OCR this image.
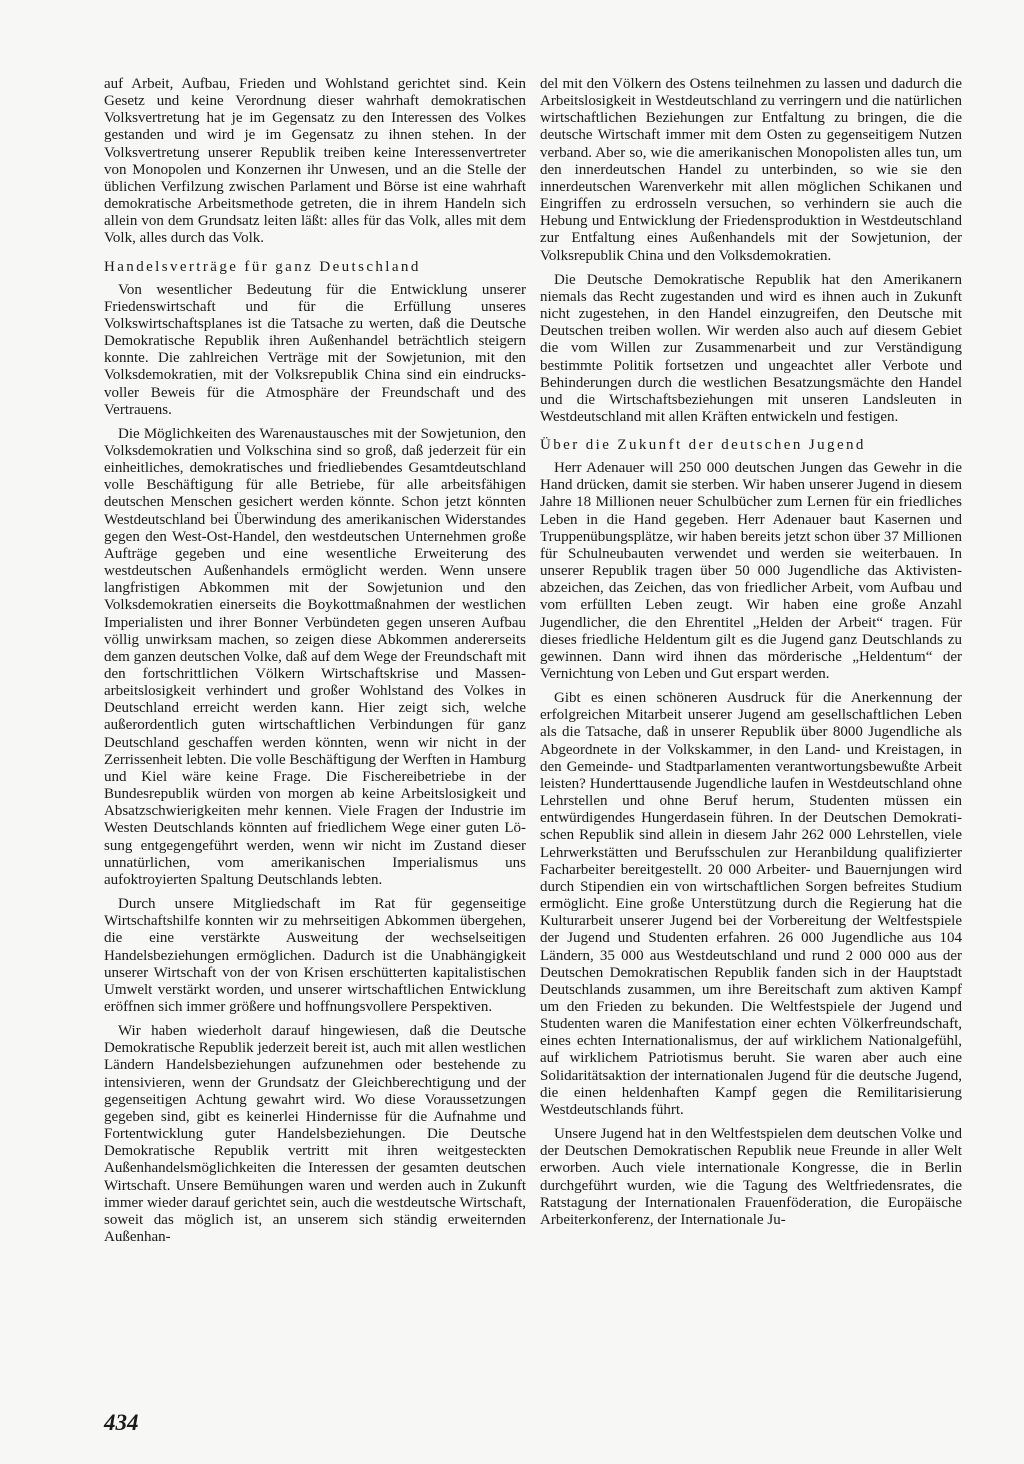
auf Arbeit, Aufbau, Frieden und Wohlstand gerichtet sind. Kein Gesetz und keine Verordnung dieser wahrhaft demokratischen Volksvertretung hat je im Gegensatz zu den Interessen des Volkes gestanden und wird je im Gegensatz zu ihnen stehen. In der Volksvertretung unserer Republik treiben keine Interessenvertreter von Monopolen und Konzernen ihr Unwesen, und an die Stelle der üblichen Verfilzung zwischen Parlament und Börse ist eine wahrhaft demokratische Arbeitsmethode getreten, die in ihrem Handeln sich allein von dem Grundsatz leiten läßt: alles für das Volk, alles mit dem Volk, alles durch das Volk.

Handelsverträge für ganz Deutschland

Von wesentlicher Bedeutung für die Entwicklung unserer Friedenswirtschaft und für die Erfüllung unseres Volkswirtschaftsplanes ist die Tatsache zu werten, daß die Deutsche Demokratische Republik ihren Außenhandel beträchtlich steigern konnte. Die zahlreichen Verträge mit der Sowjetunion, mit den Volksdemokratien, mit der Volksrepublik China sind ein eindrucksvoller Beweis für die Atmosphäre der Freundschaft und des Vertrauens.

Die Möglichkeiten des Warenaustausches mit der Sowjetunion, den Volksdemokratien und Volkschina sind so groß, daß jederzeit für ein einheitliches, demokratisches und friedliebendes Gesamtdeutschland volle Beschäftigung für alle Betriebe, für alle arbeitsfähigen deutschen Menschen gesichert werden könnte. Schon jetzt könnten Westdeutschland bei Überwindung des amerikanischen Widerstandes gegen den West-Ost-Handel, den westdeutschen Unternehmen große Aufträge gegeben und eine wesentliche Erweiterung des westdeutschen Außenhandels ermöglicht werden. Wenn unsere langfristigen Abkommen mit der Sowjetunion und den Volksdemokratien einerseits die Boykottmaßnahmen der westlichen Imperialisten und ihrer Bonner Verbündeten gegen unseren Aufbau völlig unwirksam machen, so zeigen diese Abkommen andererseits dem ganzen deutschen Volke, daß auf dem Wege der Freundschaft mit den fortschrittlichen Völkern Wirtschaftskrise und Massenarbeitslosigkeit verhindert und großer Wohlstand des Volkes in Deutschland erreicht werden kann. Hier zeigt sich, welche außerordentlich guten wirtschaftlichen Verbindungen für ganz Deutschland geschaffen werden könnten, wenn wir nicht in der Zerrissenheit lebten. Die volle Beschäftigung der Werften in Hamburg und Kiel wäre keine Frage. Die Fischereibetriebe in der Bundesrepublik würden von morgen ab keine Arbeitslosigkeit und Absatzschwierigkeiten mehr kennen. Viele Fragen der Industrie im Westen Deutschlands könnten auf friedlichem Wege einer guten Lösung entgegengeführt werden, wenn wir nicht im Zustand dieser unnatürlichen, vom amerikanischen Imperialismus uns aufoktroyierten Spaltung Deutschlands lebten.

Durch unsere Mitgliedschaft im Rat für gegenseitige Wirtschaftshilfe konnten wir zu mehrseitigen Abkommen übergehen, die eine verstärkte Ausweitung der wechselseitigen Handelsbeziehungen ermöglichen. Dadurch ist die Unabhängigkeit unserer Wirtschaft von der von Krisen erschütterten kapitalistischen Umwelt verstärkt worden, und unserer wirtschaftlichen Entwicklung eröffnen sich immer größere und hoffnungsvollere Perspektiven.

Wir haben wiederholt darauf hingewiesen, daß die Deutsche Demokratische Republik jederzeit bereit ist, auch mit allen westlichen Ländern Handelsbeziehungen aufzunehmen oder bestehende zu intensivieren, wenn der Grundsatz der Gleichberechtigung und der gegenseitigen Achtung gewahrt wird. Wo diese Voraussetzungen gegeben sind, gibt es keinerlei Hindernisse für die Aufnahme und Fortentwicklung guter Handelsbeziehungen. Die Deutsche Demokratische Republik vertritt mit ihren weitgesteckten Außenhandelsmöglichkeiten die Interessen der gesamten deutschen Wirtschaft. Unsere Bemühungen waren und werden auch in Zukunft immer wieder darauf gerichtet sein, auch die westdeutsche Wirtschaft, soweit das möglich ist, an unserem sich ständig erweiternden Außenhan-

del mit den Völkern des Ostens teilnehmen zu lassen und dadurch die Arbeitslosigkeit in Westdeutschland zu verringern und die natürlichen wirtschaftlichen Beziehungen zur Entfaltung zu bringen, die die deutsche Wirtschaft immer mit dem Osten zu gegenseitigem Nutzen verband. Aber so, wie die amerikanischen Monopolisten alles tun, um den innerdeutschen Handel zu unterbinden, so wie sie den innerdeutschen Warenverkehr mit allen möglichen Schikanen und Eingriffen zu erdrosseln versuchen, so verhindern sie auch die Hebung und Entwicklung der Friedensproduktion in Westdeutschland zur Entfaltung eines Außenhandels mit der Sowjetunion, der Volksrepublik China und den Volksdemokratien.

Die Deutsche Demokratische Republik hat den Amerikanern niemals das Recht zugestanden und wird es ihnen auch in Zukunft nicht zugestehen, in den Handel einzugreifen, den Deutsche mit Deutschen treiben wollen. Wir werden also auch auf diesem Gebiet die vom Willen zur Zusammenarbeit und zur Verständigung bestimmte Politik fortsetzen und ungeachtet aller Verbote und Behinderungen durch die westlichen Besatzungsmächte den Handel und die Wirtschaftsbeziehungen mit unseren Landsleuten in Westdeutschland mit allen Kräften entwickeln und festigen.

Über die Zukunft der deutschen Jugend

Herr Adenauer will 250 000 deutschen Jungen das Gewehr in die Hand drücken, damit sie sterben. Wir haben unserer Jugend in diesem Jahre 18 Millionen neuer Schulbücher zum Lernen für ein friedliches Leben in die Hand gegeben. Herr Adenauer baut Kasernen und Truppenübungsplätze, wir haben bereits jetzt schon über 37 Millionen für Schulneubauten verwendet und werden sie weiterbauen. In unserer Republik tragen über 50 000 Jugendliche das Aktivistenabzeichen, das Zeichen, das von friedlicher Arbeit, vom Aufbau und vom erfüllten Leben zeugt. Wir haben eine große Anzahl Jugendlicher, die den Ehrentitel „Helden der Arbeit“ tragen. Für dieses friedliche Heldentum gilt es die Jugend ganz Deutschlands zu gewinnen. Dann wird ihnen das mörderische „Heldentum“ der Vernichtung von Leben und Gut erspart werden.

Gibt es einen schöneren Ausdruck für die Anerkennung der erfolgreichen Mitarbeit unserer Jugend am gesellschaftlichen Leben als die Tatsache, daß in unserer Republik über 8000 Jugendliche als Abgeordnete in der Volkskammer, in den Land- und Kreistagen, in den Gemeinde- und Stadtparlamenten verantwortungsbewußte Arbeit leisten? Hunderttausende Jugendliche laufen in Westdeutschland ohne Lehrstellen und ohne Beruf herum, Studenten müssen ein entwürdigendes Hungerdasein führen. In der Deutschen Demokratischen Republik sind allein in diesem Jahr 262 000 Lehrstellen, viele Lehrwerkstätten und Berufsschulen zur Heranbildung qualifizierter Facharbeiter bereitgestellt. 20 000 Arbeiter- und Bauernjungen wird durch Stipendien ein von wirtschaftlichen Sorgen befreites Studium ermöglicht. Eine große Unterstützung durch die Regierung hat die Kulturarbeit unserer Jugend bei der Vorbereitung der Weltfestspiele der Jugend und Studenten erfahren. 26 000 Jugendliche aus 104 Ländern, 35 000 aus Westdeutschland und rund 2 000 000 aus der Deutschen Demokratischen Republik fanden sich in der Hauptstadt Deutschlands zusammen, um ihre Bereitschaft zum aktiven Kampf um den Frieden zu bekunden. Die Weltfestspiele der Jugend und Studenten waren die Manifestation einer echten Völkerfreundschaft, eines echten Internationalismus, der auf wirklichem Nationalgefühl, auf wirklichem Patriotismus beruht. Sie waren aber auch eine Solidaritätsaktion der internationalen Jugend für die deutsche Jugend, die einen heldenhaften Kampf gegen die Remilitarisierung Westdeutschlands führt.

Unsere Jugend hat in den Weltfestspielen dem deutschen Volke und der Deutschen Demokratischen Republik neue Freunde in aller Welt erworben. Auch viele internationale Kongresse, die in Berlin durchgeführt wurden, wie die Tagung des Weltfriedensrates, die Ratstagung der Internationalen Frauenföderation, die Europäische Arbeiterkonferenz, der Internationale Ju-

434
